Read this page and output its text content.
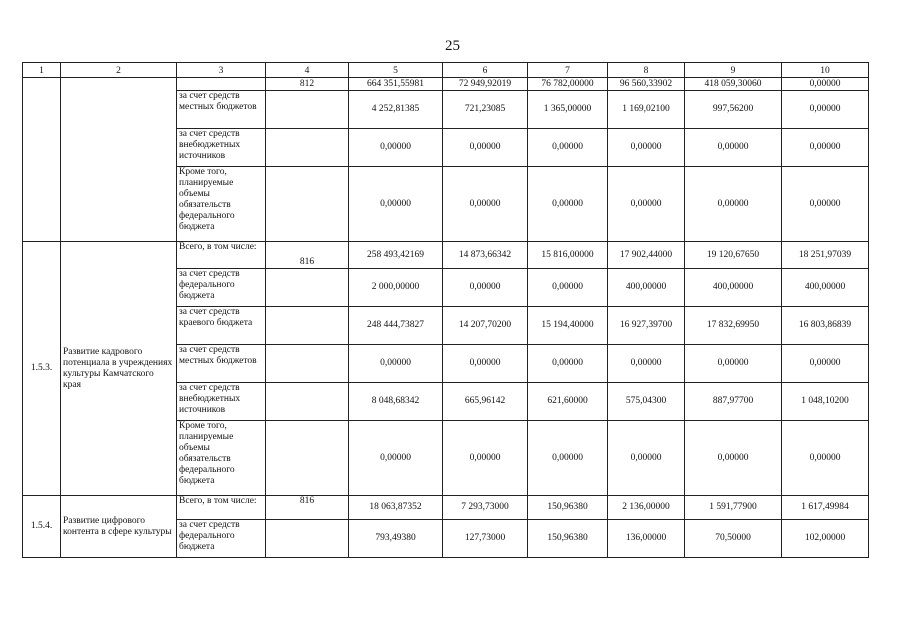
25
1	2	3	4	5	6	7	8	9	10
			812	664 351,55981	72 949,92019	76 782,00000	96 560,33902	418 059,30060	0,00000
		за счет средств местных бюджетов		4 252,81385	721,23085	1 365,00000	1 169,02100	997,56200	0,00000
		за счет средств внебюджетных источников		0,00000	0,00000	0,00000	0,00000	0,00000	0,00000
		Кроме того, планируемые объемы обязательств федерального бюджета		0,00000	0,00000	0,00000	0,00000	0,00000	0,00000
1.5.3.	Развитие кадрового потенциала в учреждениях культуры Камчатского края	Всего, в том числе:	816	258 493,42169	14 873,66342	15 816,00000	17 902,44000	19 120,67650	18 251,97039
		за счет средств федерального бюджета		2 000,00000	0,00000	0,00000	400,00000	400,00000	400,00000
		за счет средств краевого бюджета		248 444,73827	14 207,70200	15 194,40000	16 927,39700	17 832,69950	16 803,86839
		за счет средств местных бюджетов		0,00000	0,00000	0,00000	0,00000	0,00000	0,00000
		за счет средств внебюджетных источников		8 048,68342	665,96142	621,60000	575,04300	887,97700	1 048,10200
		Кроме того, планируемые объемы обязательств федерального бюджета		0,00000	0,00000	0,00000	0,00000	0,00000	0,00000
1.5.4.	Развитие цифрового контента в сфере культуры	Всего, в том числе:	816	18 063,87352	7 293,73000	150,96380	2 136,00000	1 591,77900	1 617,49984
		за счет средств федерального бюджета		793,49380	127,73000	150,96380	136,00000	70,50000	102,00000
